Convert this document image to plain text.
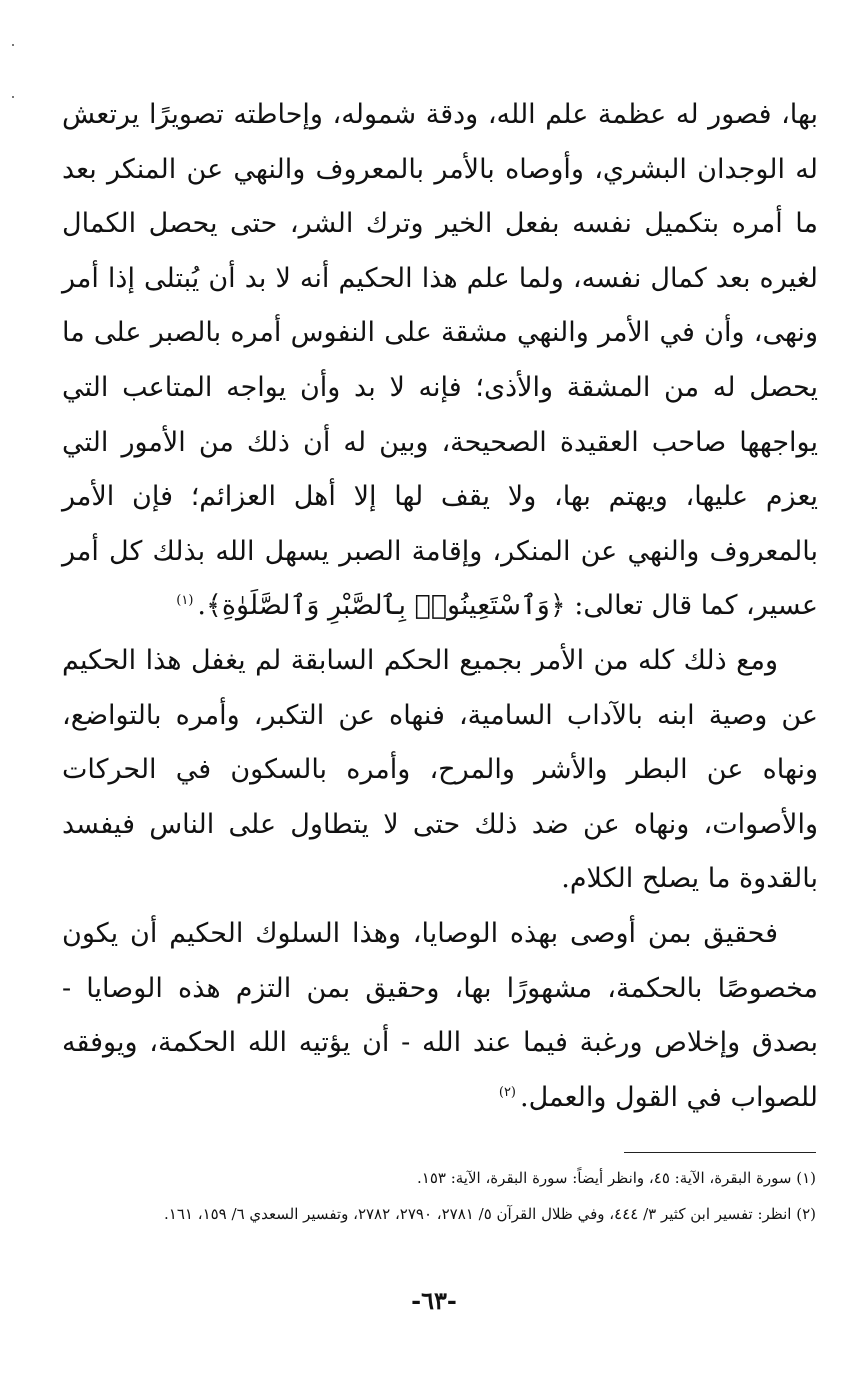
بها، فصور له عظمة علم الله، ودقة شموله، وإحاطته تصويرًا يرتعش له الوجدان البشري، وأوصاه بالأمر بالمعروف والنهي عن المنكر بعد ما أمره بتكميل نفسه بفعل الخير وترك الشر، حتى يحصل الكمال لغيره بعد كمال نفسه، ولما علم هذا الحكيم أنه لا بد أن يُبتلى إذا أمر ونهى، وأن في الأمر والنهي مشقة على النفوس أمره بالصبر على ما يحصل له من المشقة والأذى؛ فإنه لا بد وأن يواجه المتاعب التي يواجهها صاحب العقيدة الصحيحة، وبين له أن ذلك من الأمور التي يعزم عليها، ويهتم بها، ولا يقف لها إلا أهل العزائم؛ فإن الأمر بالمعروف والنهي عن المنكر، وإقامة الصبر يسهل الله بذلك كل أمر عسير، كما قال تعالى: ﴿وَٱسْتَعِينُوا۟ بِٱلصَّبْرِ وَٱلصَّلَوٰةِ﴾.$^{(١)}$

ومع ذلك كله من الأمر بجميع الحكم السابقة لم يغفل هذا الحكيم عن وصية ابنه بالآداب السامية، فنهاه عن التكبر، وأمره بالتواضع، ونهاه عن البطر والأشر والمرح، وأمره بالسكون في الحركات والأصوات، ونهاه عن ضد ذلك حتى لا يتطاول على الناس فيفسد بالقدوة ما يصلح الكلام.

فحقيق بمن أوصى بهذه الوصايا، وهذا السلوك الحكيم أن يكون مخصوصًا بالحكمة، مشهورًا بها، وحقيق بمن التزم هذه الوصايا - بصدق وإخلاص ورغبة فيما عند الله - أن يؤتيه الله الحكمة، ويوفقه للصواب في القول والعمل.$^{(٢)}$

(١) سورة البقرة، الآية: ٤٥، وانظر أيضاً: سورة البقرة، الآية: ١٥٣.

(٢) انظر: تفسير ابن كثير ٣/ ٤٤٤، وفي ظلال القرآن ٥/ ٢٧٨١، ٢٧٩٠، ٢٧٨٢، وتفسير السعدي ٦/ ١٥٩، ١٦١.

-٦٣-
